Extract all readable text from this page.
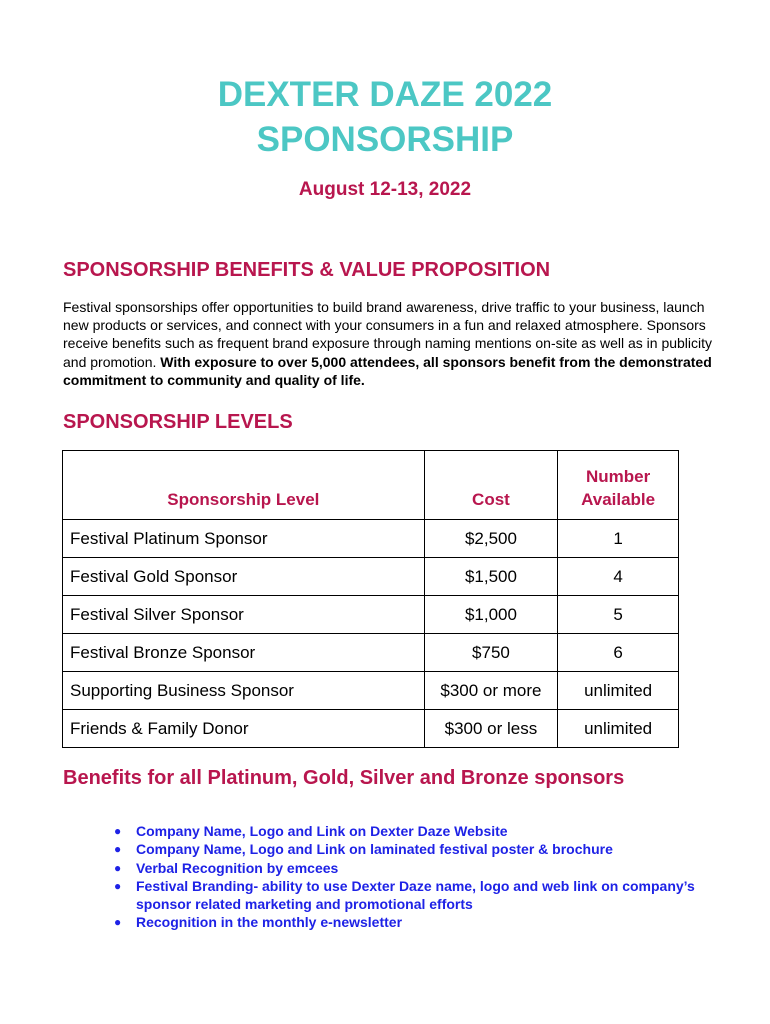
DEXTER DAZE 2022
SPONSORSHIP
August 12-13, 2022
SPONSORSHIP BENEFITS & VALUE PROPOSITION
Festival sponsorships offer opportunities to build brand awareness, drive traffic to your business, launch new products or services, and connect with your consumers in a fun and relaxed atmosphere. Sponsors receive benefits such as frequent brand exposure through naming mentions on-site as well as in publicity and promotion. With exposure to over 5,000 attendees, all sponsors benefit from the demonstrated commitment to community and quality of life.
SPONSORSHIP LEVELS
Sponsorship Level	Cost	Number Available
Festival Platinum Sponsor	$2,500	1
Festival Gold Sponsor	$1,500	4
Festival Silver Sponsor	$1,000	5
Festival Bronze Sponsor	$750	6
Supporting Business Sponsor	$300 or more	unlimited
Friends & Family Donor	$300 or less	unlimited
Benefits for all Platinum, Gold, Silver and Bronze sponsors
● Company Name, Logo and Link on Dexter Daze Website
● Company Name, Logo and Link on laminated festival poster & brochure
● Verbal Recognition by emcees
● Festival Branding- ability to use Dexter Daze name, logo and web link on company’s sponsor related marketing and promotional efforts
● Recognition in the monthly e-newsletter
